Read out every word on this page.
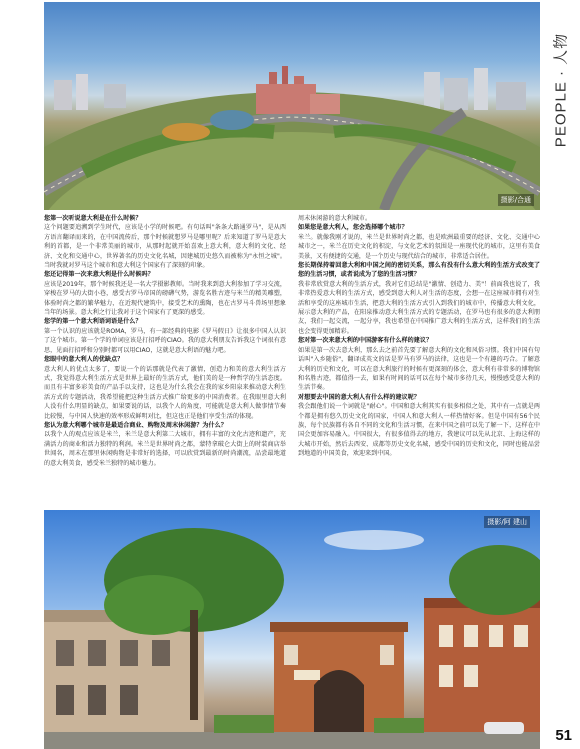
摄影/合通
PEOPLE · 人物
您第一次听说意大利是在什么时候？
这个问题要追溯到学生时代，应该是小学的时候吧。有句话叫"条条大路通罗马"，是从西方语言翻译而来的，在中国流传后，那个时候就想罗马是哪里呢？后来知道了罗马是意大利的首都，是一个非常美丽的城市，从那时起就开始喜欢上意大利，意大利的文化、经济、文化和交通中心，世界著名的历史文化名城，因建城历史悠久而被称为"永恒之城"。当时我就对罗马这个城市和意大利这个国家有了深刻的印象。
您还记得第一次来意大利是什么时候吗？
应该是2019年，那个时候我还是一名大学摄影教师。当时我来到意大利参加了学习交流，穿梭在罗马的大街小巷，感受古罗马帝国的磅礴气势，游览名胜古迹与米兰的精美雕塑，体验时尚之都的繁华魅力，在近现代建筑中，接受艺术的熏陶，也在古罗马斗兽场里想象当年的场景。意大利之行让我对于这个国家有了更深的感受。
您学的第一个意大利语词语是什么？
第一个认识的应该就是ROMA，罗马，有一部经典的电影《罗马假日》让很多中国人认识了这个城市。第一个学的单词应该是打招呼的CIAO。我的意大利朋友告诉我这个词很有意思，见面打招呼和分别时都可以用CIAO，这就是意大利语的魅力吧。
您眼中的意大利人的优缺点？
意大利人的优点太多了，要说一个的话那就是代表了激情，创造力和美的意大利生活方式，我觉得意大利生活方式是世界上最好的生活方式，他们美的是一种哲学的生活态度。而且有丰富多彩美食的产品手以支持，这也是为什么我会在我的家乡阳泉来推动意大利生活方式的专题活动，我希望能把这种生活方式推广给更多的中国消费者。在我眼里意大利人没有什么明显的缺点，如果要说的话，以我个人的角度，可能就是意大利人做事情节奏比较慢，与中国人快速的效率形成鲜明对比，但这也正是他们享受生活的体现。
您认为意大利哪个城市是最适合商业、购物及周末休闲游？为什么？
以我个人的观点应该是米兰，米兰是意大利第二大城市，拥有丰富的文化古迹和遗产，充满活力的商业和活力独特的利润。米兰是世界时尚之都，蒙特拿破仑大街上的时装商店举世闻名，周末在那里休闲购物是非常好的选择，可以欣赏到最新的时尚潮流，品尝最地道的意大利美食，感受米兰独特的城市魅力。
周末休闲游的意大利城市。
如果您是意大利人，您会选择哪个城市？
米兰。就像我刚才说的，米兰是世界时尚之都，也是欧洲最重要的经济、文化、交通中心城市之一，米兰在历史文化的积淀，与文化艺术的氛围是一座现代化的城市，这里有美食美景，又有便捷的交通，是一个历史与现代结合的城市，非常适合居住。
您长期保持着回意大利和中国之间的密切关系，那么有没有什么意大利的生活方式改变了您的生活习惯，或者说成为了您的生活习惯？
我非常欣赏意大利的生活方式，我对它们总结是"激情、创造力、美"！前面我也说了，我非常热爱意大利的生活方式，感受到意大利人对生活的态度，会想一在这座城市拥有对生活和享受的这座城市生活，把意大利的生活方式引入到我们的城市中，传播意大利文化，展示意大利的产品，在阳泉推动意大利生活方式的专题活动，在罗马也有很多的意大利朋友，我们一起交流，一起分享，我也希望在中国推广意大利的生活方式，这样我们的生活也会变得更加精彩。
您对第一次来意大利的中国游客有什么样的建议？
如果是第一次去意大利，那么去之前首先要了解意大利的文化和风俗习惯。我们中国有句话叫"入乡随俗"，翻译成英文的话是罗马有罗马的法律，这也是一个有趣的巧合。了解意大利的历史和文化，可以在意大利旅行的时候有更深刻的体会，意大利有非常多的博物馆和名胜古迹，都值得一去，如果有时间的话可以在每个城市多待几天，慢慢感受意大利的生活节奏。
对想要去中国的意大利人有什么样的建议呢？
我会跟他们说一个词就是"耐心"。中国和意大利其实有很多相似之处，其中有一点就是两个都是拥有悠久历史文化的国家，中国人和意大利人一样热情好客。但是中国有56个民族，每个民族都有各自不同的文化和生活习惯，在来中国之前可以先了解一下，这样在中国会更加容易融入。中国很大，有很多值得去的地方，我建议可以先从北京、上海这样的大城市开始，然后去西安、成都等历史文化名城，感受中国的历史和文化，同时也能品尝到地道的中国美食，欢迎来到中国。
摄影/阿 建山
51
